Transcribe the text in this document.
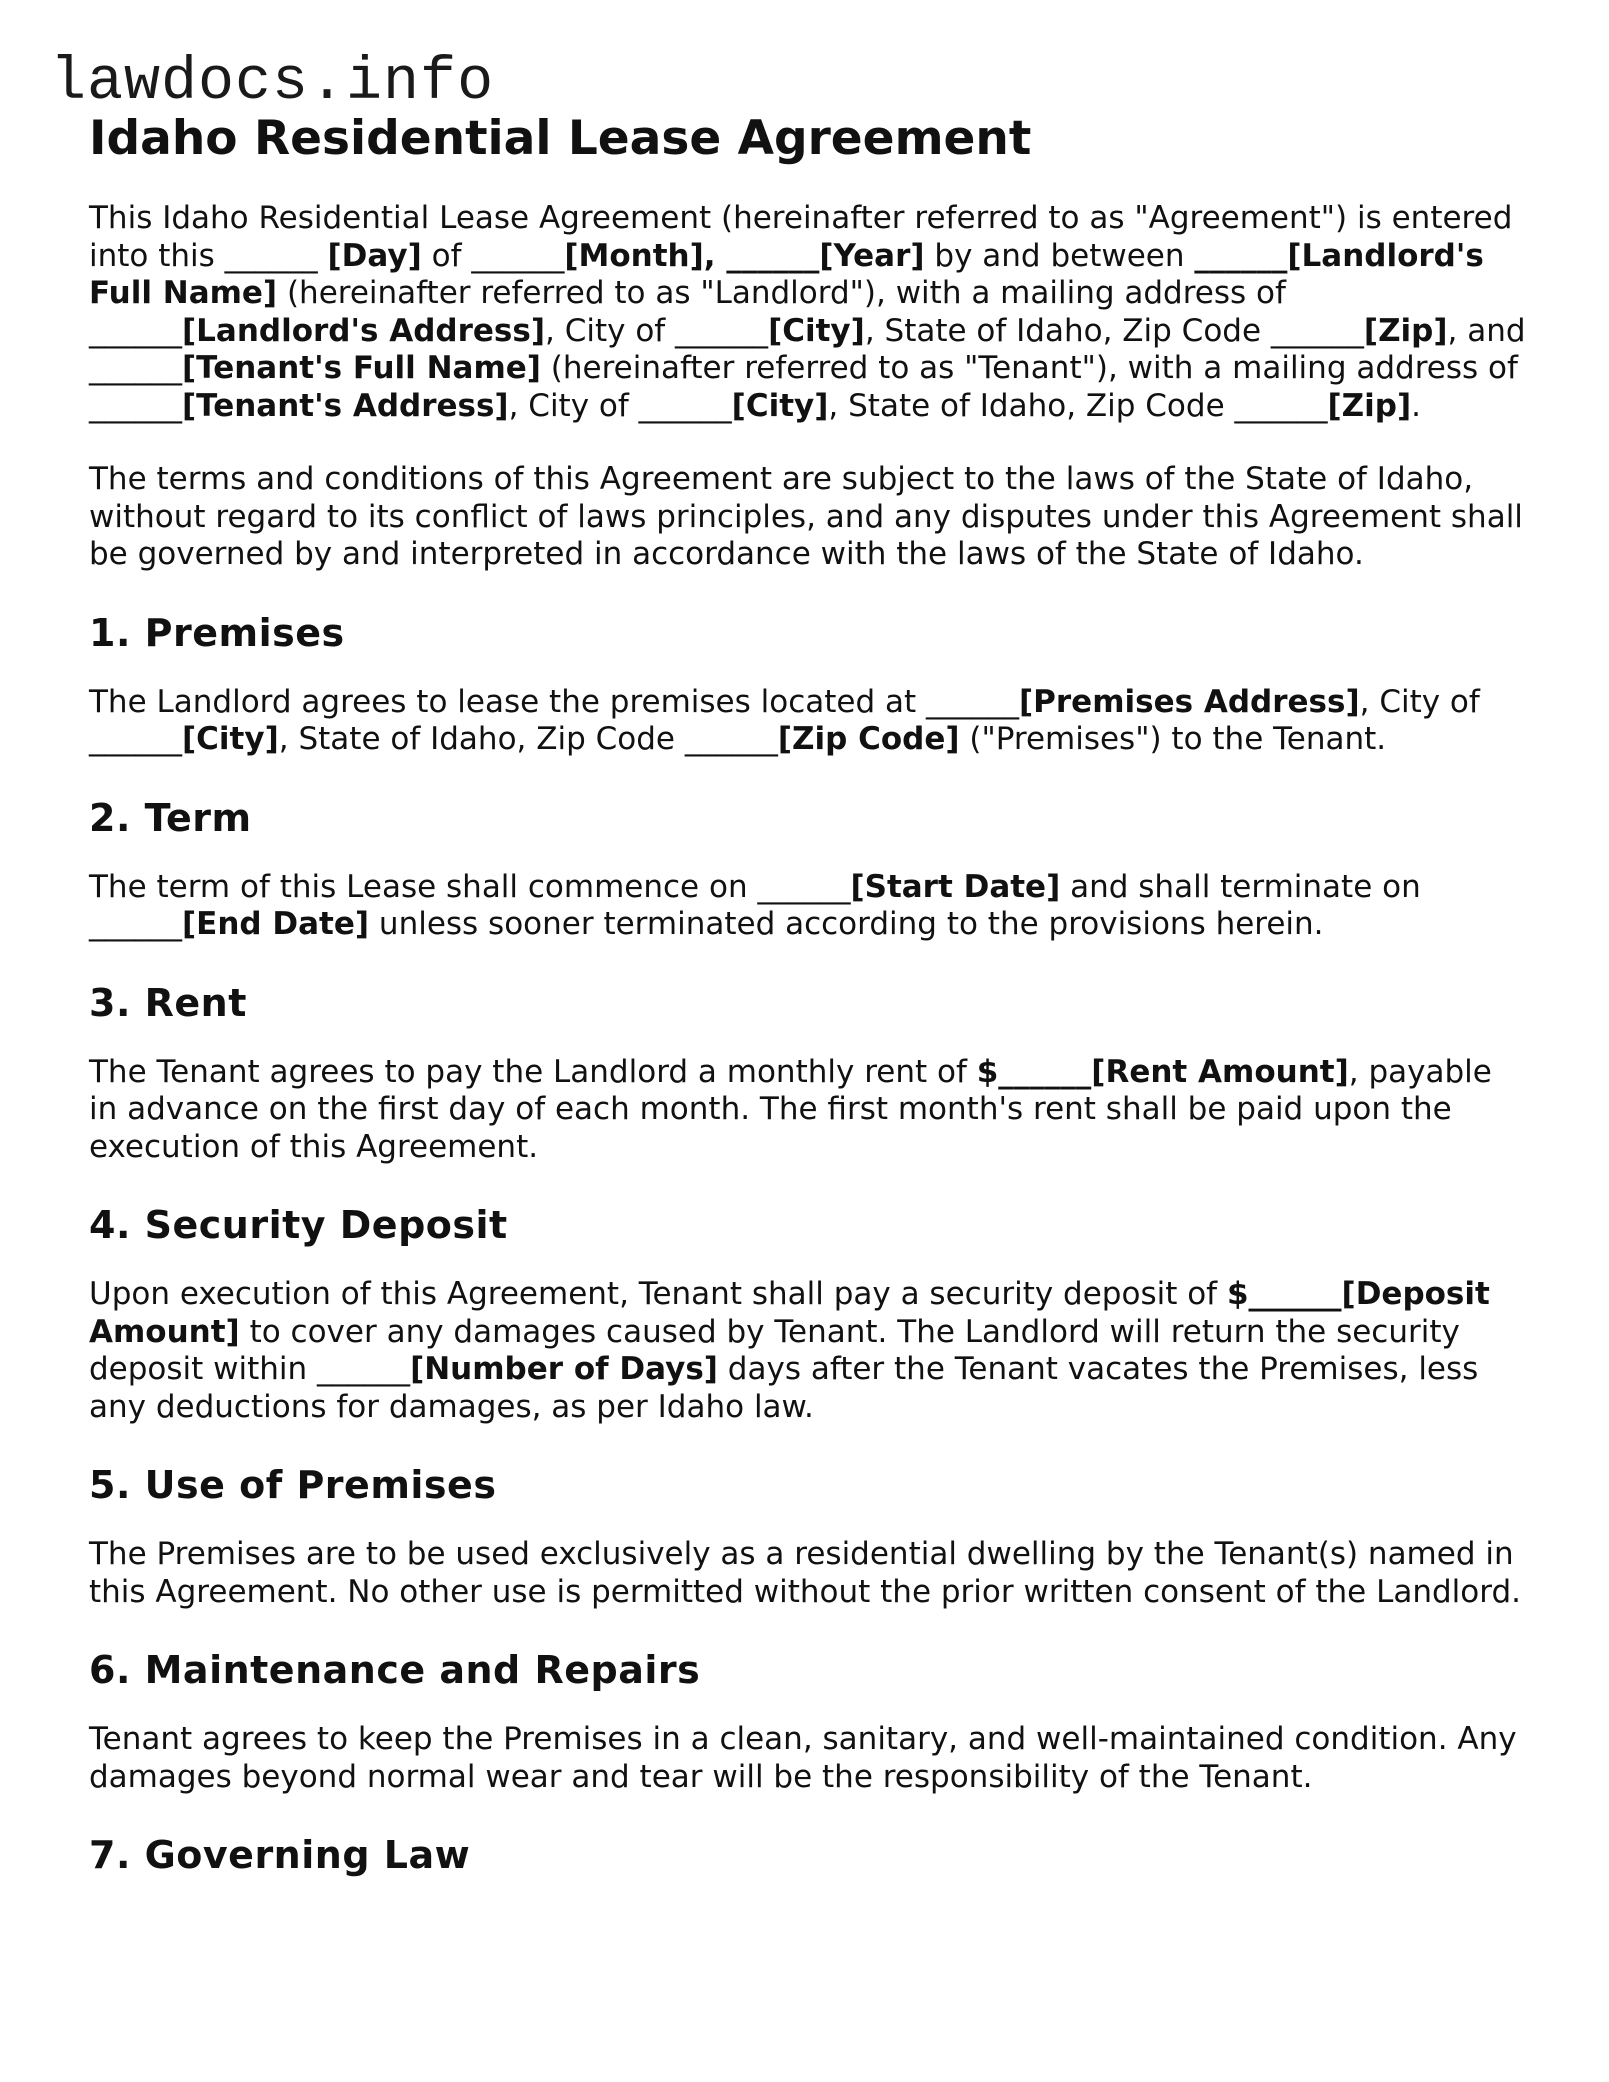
lawdocs.info
Idaho Residential Lease Agreement

This Idaho Residential Lease Agreement (hereinafter referred to as "Agreement") is entered into this ______ [Day] of ______[Month], ______[Year] by and between ______[Landlord's Full Name] (hereinafter referred to as "Landlord"), with a mailing address of ______[Landlord's Address], City of ______[City], State of Idaho, Zip Code ______[Zip], and ______[Tenant's Full Name] (hereinafter referred to as "Tenant"), with a mailing address of ______[Tenant's Address], City of ______[City], State of Idaho, Zip Code ______[Zip].

The terms and conditions of this Agreement are subject to the laws of the State of Idaho, without regard to its conflict of laws principles, and any disputes under this Agreement shall be governed by and interpreted in accordance with the laws of the State of Idaho.

1. Premises

The Landlord agrees to lease the premises located at ______[Premises Address], City of ______[City], State of Idaho, Zip Code ______[Zip Code] ("Premises") to the Tenant.

2. Term

The term of this Lease shall commence on ______[Start Date] and shall terminate on ______[End Date] unless sooner terminated according to the provisions herein.

3. Rent

The Tenant agrees to pay the Landlord a monthly rent of $______[Rent Amount], payable in advance on the first day of each month. The first month's rent shall be paid upon the execution of this Agreement.

4. Security Deposit

Upon execution of this Agreement, Tenant shall pay a security deposit of $______[Deposit Amount] to cover any damages caused by Tenant. The Landlord will return the security deposit within ______[Number of Days] days after the Tenant vacates the Premises, less any deductions for damages, as per Idaho law.

5. Use of Premises

The Premises are to be used exclusively as a residential dwelling by the Tenant(s) named in this Agreement. No other use is permitted without the prior written consent of the Landlord.

6. Maintenance and Repairs

Tenant agrees to keep the Premises in a clean, sanitary, and well-maintained condition. Any damages beyond normal wear and tear will be the responsibility of the Tenant.

7. Governing Law
